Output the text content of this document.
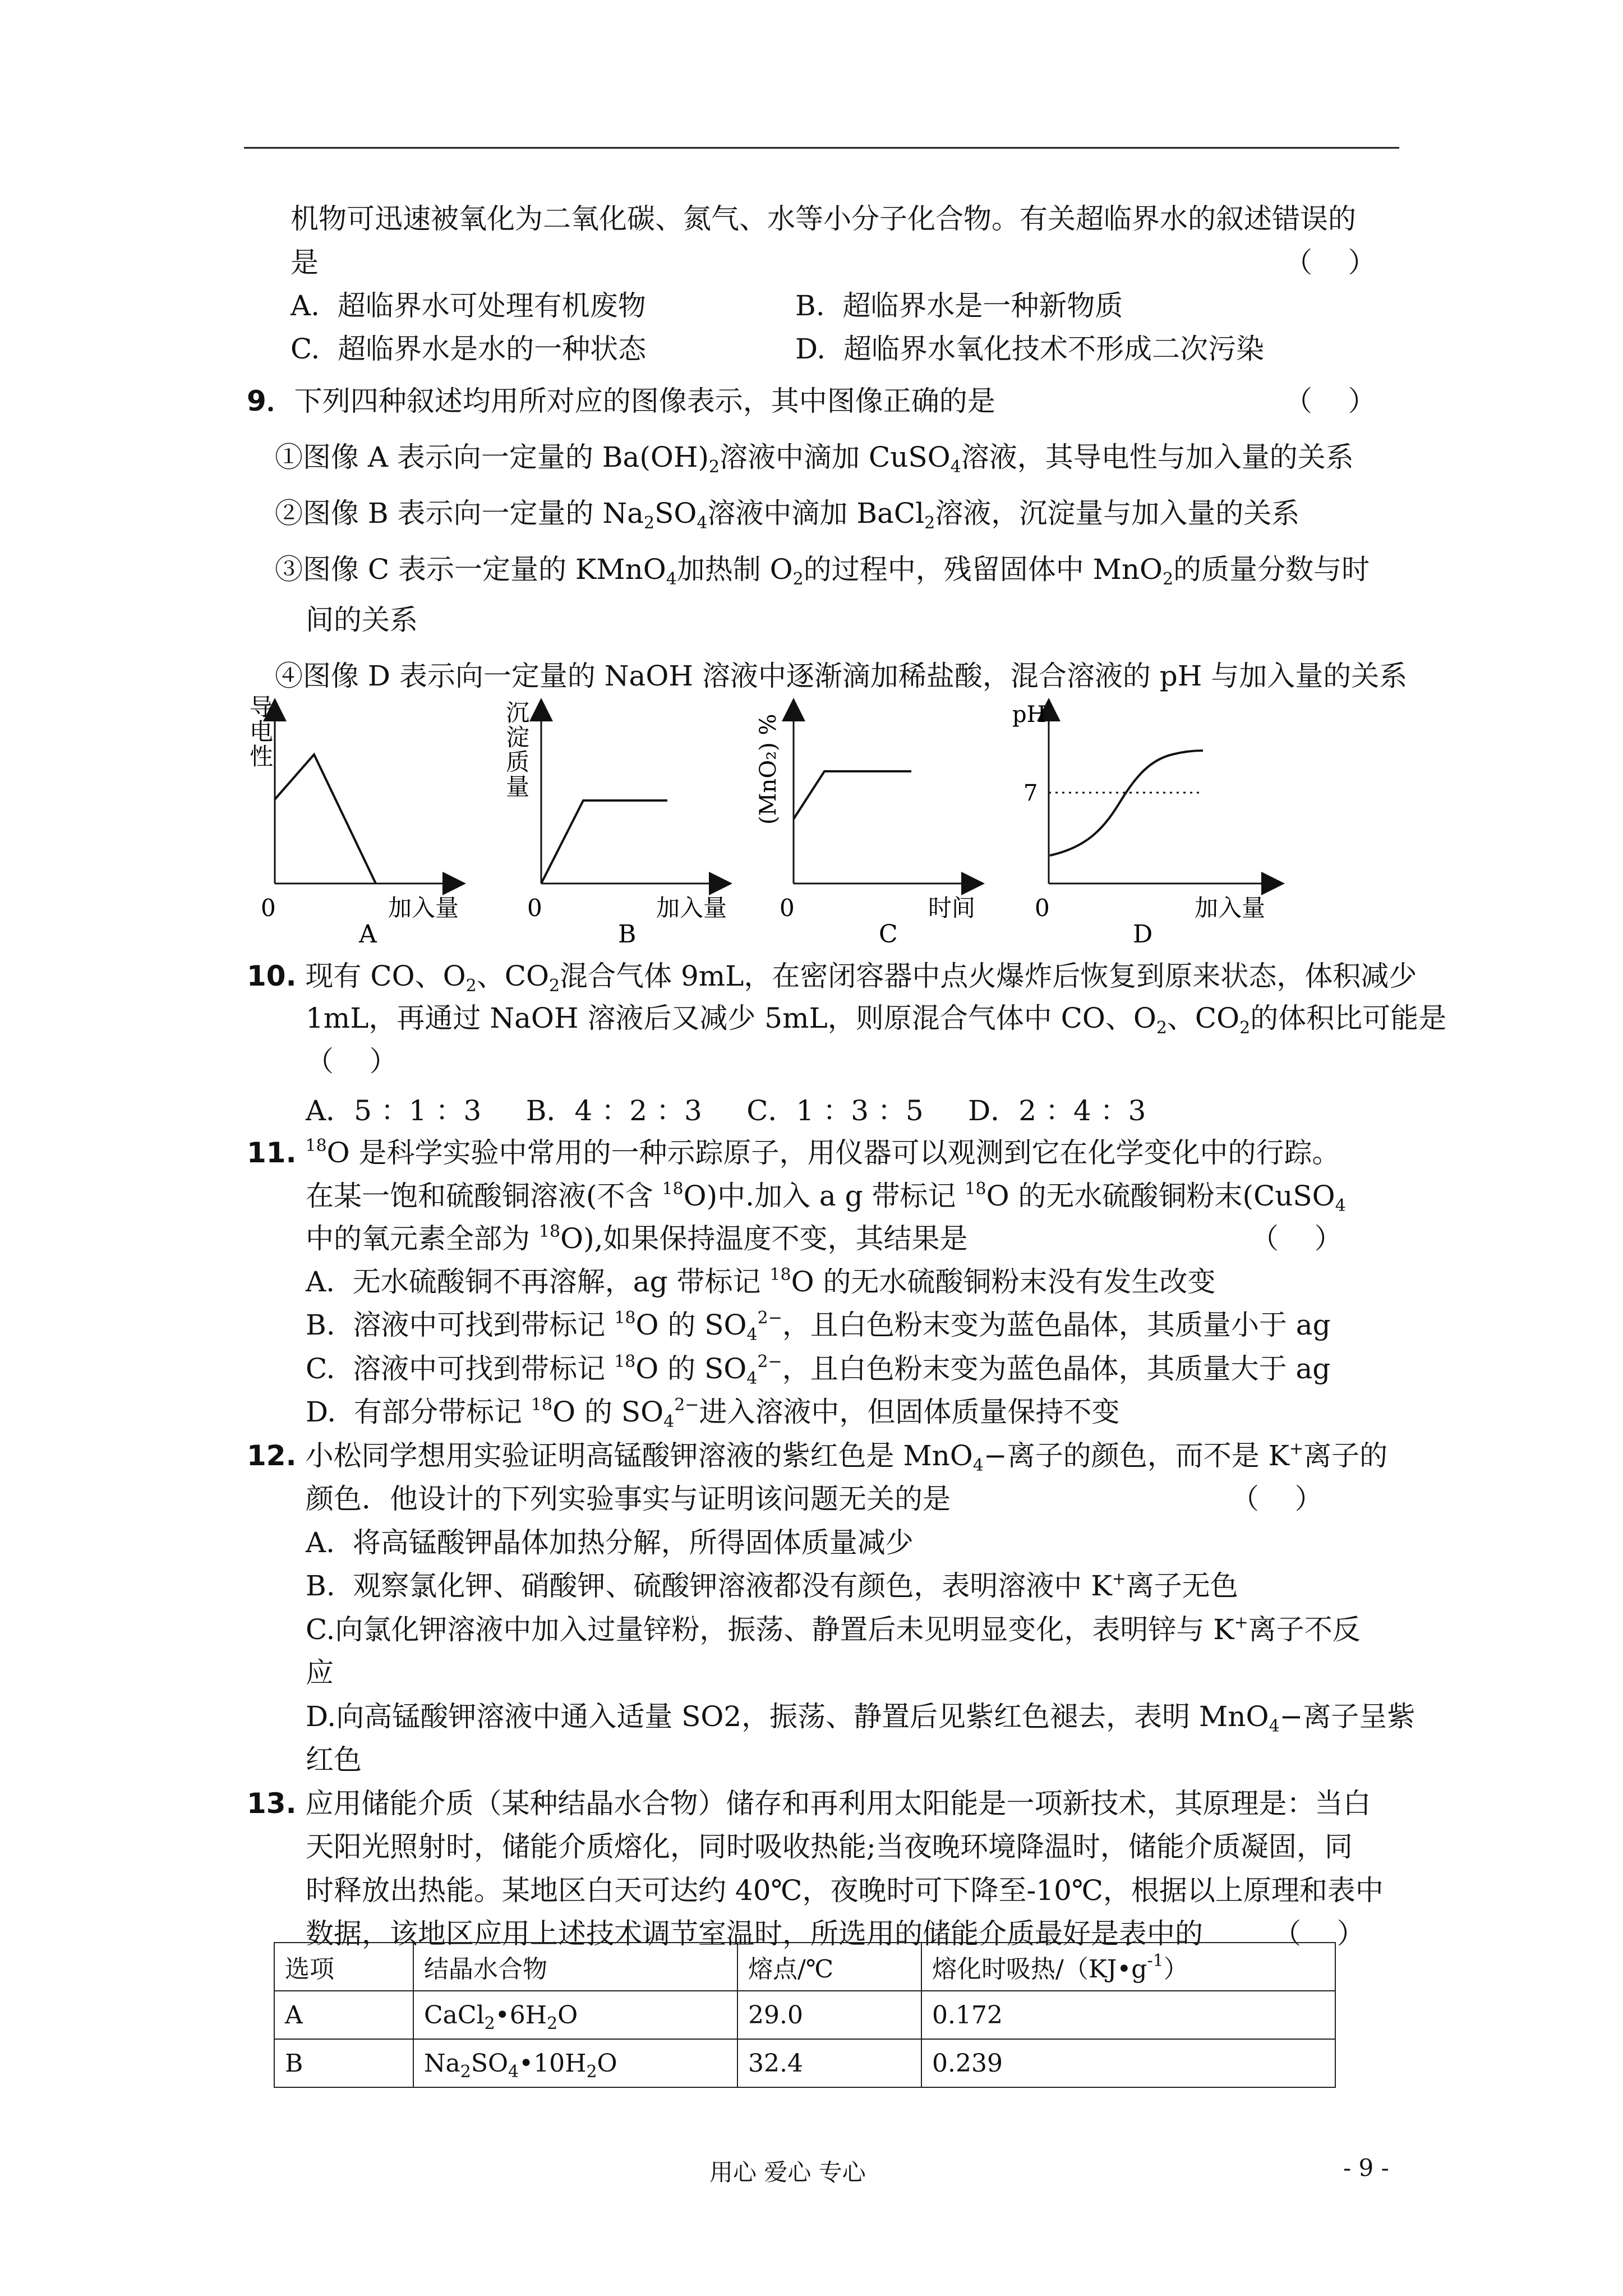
机物可迅速被氧化为二氧化碳、氮气、水等小分子化合物。有关超临界水的叙述错误的
是	（    ）
A.  超临界水可处理有机废物	B.  超临界水是一种新物质
C.  超临界水是水的一种状态	D.  超临界水氧化技术不形成二次污染
9．下列四种叙述均用所对应的图像表示，其中图像正确的是	（    ）
①图像 A 表示向一定量的 $Ba(OH)_2$溶液中滴加 CuSO$_4$溶液，其导电性与加入量的关系
②图像 B 表示向一定量的 $Na_2SO_4$溶液中滴加 BaCl$_2$溶液，沉淀量与加入量的关系
③图像 C 表示一定量的 KMnO$_4$加热制 $O_2$的过程中，残留固体中 MnO$_2$的质量分数与时
间的关系
④图像 D 表示向一定量的 NaOH 溶液中逐渐滴加稀盐酸，混合溶液的 pH 与加入量的关系
导
电
性
0	加入量
A
沉
淀
质
量
0	加入量
B
(MnO₂) %
0	时间
C
pH
7
0	加入量
D
10. 现有 CO、$O_2$、$CO_2$混合气体 9mL，在密闭容器中点火爆炸后恢复到原来状态，体积减少
1mL，再通过 NaOH 溶液后又减少 5mL，则原混合气体中 CO、$O_2$、$CO_2$的体积比可能是
（    ）
A．5 ：1 ：3     B．4 ：2 ：3     C．1 ：3 ：5     D．2 ：4 ：3
11. $^{18}$O 是科学实验中常用的一种示踪原子，用仪器可以观测到它在化学变化中的行踪。
在某一饱和硫酸铜溶液(不含 $^{18}$O)中.加入 a g 带标记 $^{18}$O 的无水硫酸铜粉末(CuSO$_4$
中的氧元素全部为 $^{18}$O),如果保持温度不变，其结果是	（    ）
A.  无水硫酸铜不再溶解，ag 带标记 $^{18}$O 的无水硫酸铜粉末没有发生改变
B.  溶液中可找到带标记 $^{18}$O 的 $SO_4^{2-}$，且白色粉末变为蓝色晶体，其质量小于 ag
C.  溶液中可找到带标记 $^{18}$O 的 $SO_4^{2-}$，且白色粉末变为蓝色晶体，其质量大于 ag
D.  有部分带标记 $^{18}$O 的 $SO_4^{2-}$进入溶液中，但固体质量保持不变
12. 小松同学想用实验证明高锰酸钾溶液的紫红色是 MnO$_4$−离子的颜色，而不是 K+离子的
颜色．他设计的下列实验事实与证明该问题无关的是	（    ）
A.  将高锰酸钾晶体加热分解，所得固体质量减少
B.  观察氯化钾、硝酸钾、硫酸钾溶液都没有颜色，表明溶液中 K+离子无色
C.向氯化钾溶液中加入过量锌粉，振荡、静置后未见明显变化，表明锌与 K+离子不反
应
D.向高锰酸钾溶液中通入适量 SO2，振荡、静置后见紫红色褪去，表明 MnO$_4$−离子呈紫
红色
13. 应用储能介质（某种结晶水合物）储存和再利用太阳能是一项新技术，其原理是：当白
天阳光照射时，储能介质熔化，同时吸收热能;当夜晚环境降温时，储能介质凝固，同
时释放出热能。某地区白天可达约 40℃，夜晚时可下降至-10℃，根据以上原理和表中
数据，该地区应用上述技术调节室温时，所选用的储能介质最好是表中的	（    ）
选项	结晶水合物	熔点/℃	熔化时吸热$/(KJ•g^{-1})$
A	$CaCl_2•6H_2O$	29.0	0.172
B	$Na_2SO_4•10H_2O$	32.4	0.239
用心 爱心 专心	- 9 -
